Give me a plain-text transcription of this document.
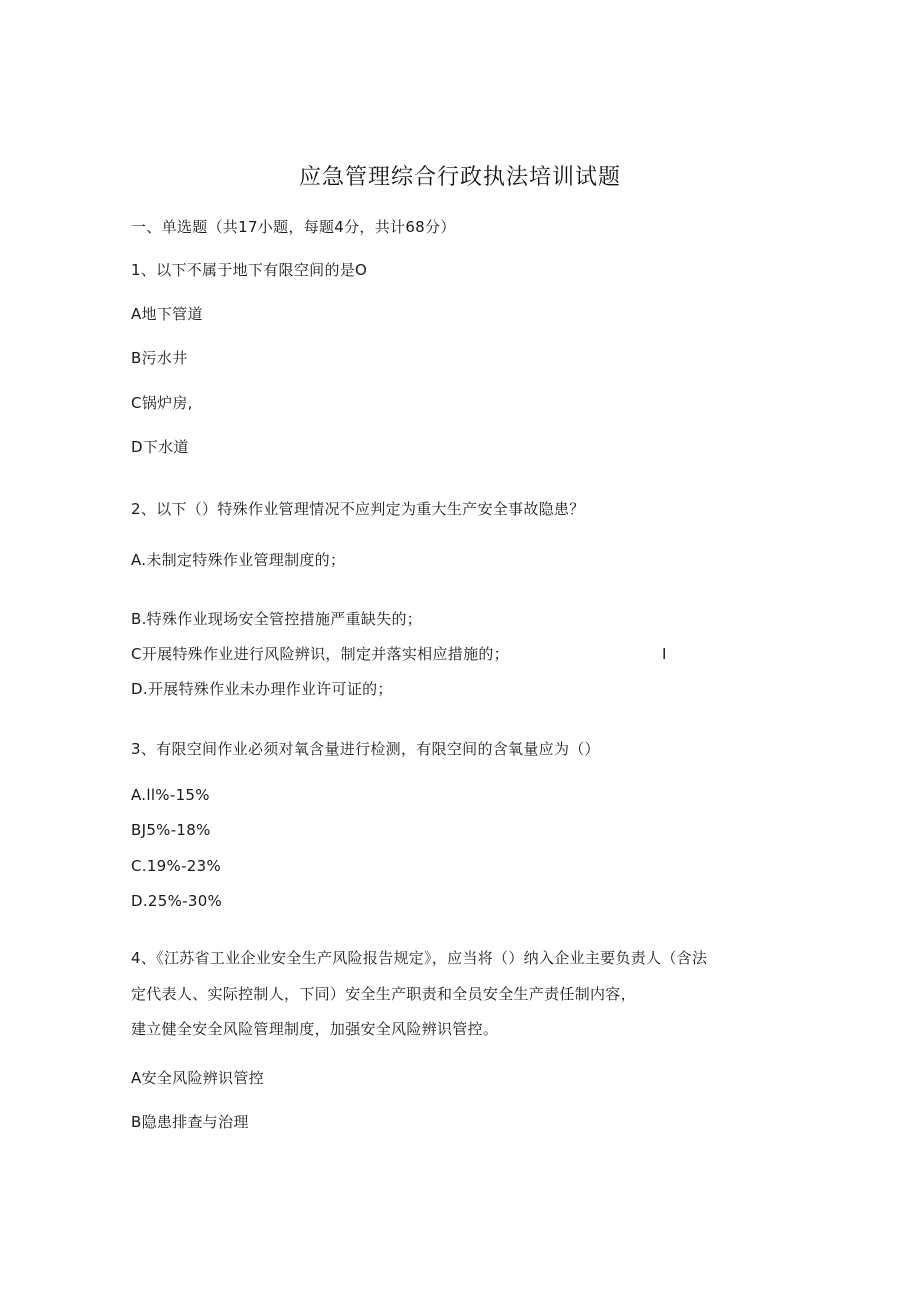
应急管理综合行政执法培训试题
一、单选题（共17小题，每题4分，共计68分）
1、以下不属于地下有限空间的是O
A地下管道
B污水井
C锅炉房,
D下水道
2、以下（）特殊作业管理情况不应判定为重大生产安全事故隐患？
A.未制定特殊作业管理制度的；
B.特殊作业现场安全管控措施严重缺失的；
C开展特殊作业进行风险辨识，制定并落实相应措施的；	I
D.开展特殊作业未办理作业许可证的；
3、有限空间作业必须对氧含量进行检测，有限空间的含氧量应为（）
A.ll%-15%
BJ5%-18%
C.19%-23%
D.25%-30%
4、《江苏省工业企业安全生产风险报告规定》，应当将（）纳入企业主要负责人（含法
定代表人、实际控制人，下同）安全生产职责和全员安全生产责任制内容，
建立健全安全风险管理制度，加强安全风险辨识管控。
A安全风险辨识管控
B隐患排查与治理
